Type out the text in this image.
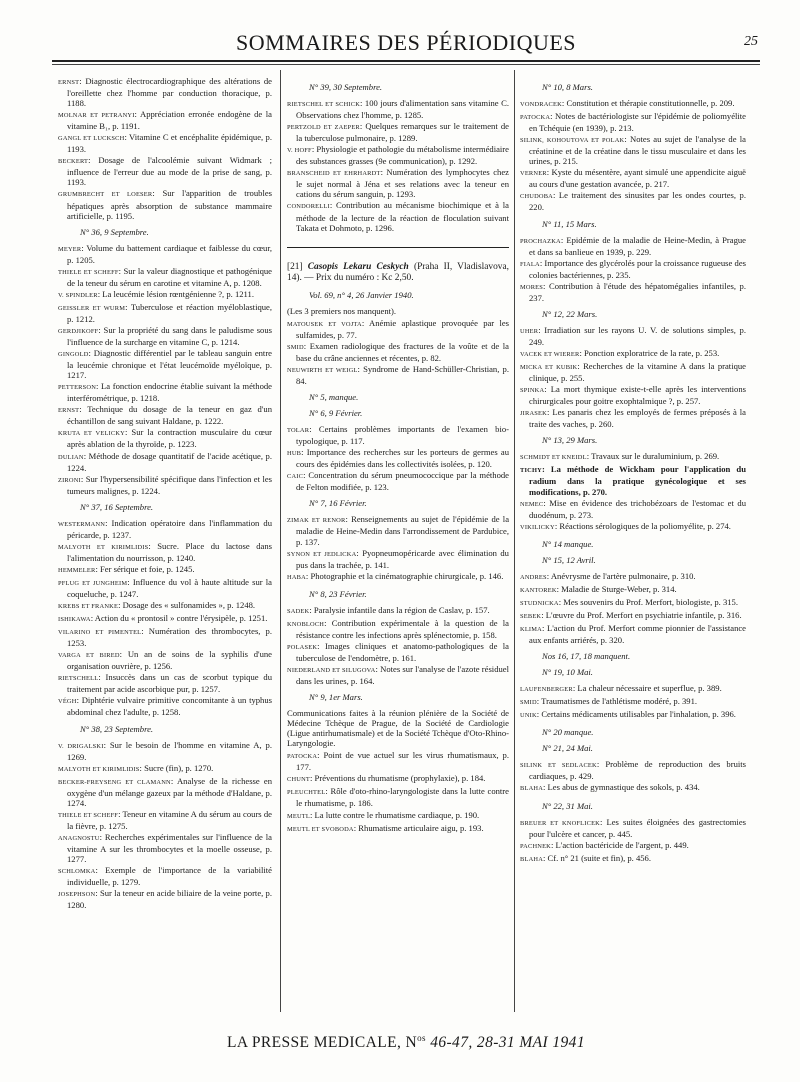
SOMMAIRES DES PÉRIODIQUES	25
ERNST: Diagnostic électrocardiographique des altérations de l'oreillette chez l'homme par conduction thoracique, p. 1188.
MOLNAR ET PETRANYI: Appréciation erronée endogène de la vitamine B₁, p. 1191.
GANGL ET LUCKSCH: Vitamine C et encéphalite épidémique, p. 1193.
BECKERT: Dosage de l'alcoolémie suivant Widmark ; influence de l'erreur due au mode de la prise de sang, p. 1193.
GRUMBRECHT ET LOESER: Sur l'apparition de troubles hépatiques après absorption de substance mammaire artificielle, p. 1195.
N° 36, 9 Septembre.
MEYER: Volume du battement cardiaque et faiblesse du cœur, p. 1205.
THIELE ET SCHEFF: Sur la valeur diagnostique et pathogénique de la teneur du sérum en carotine et vitamine A, p. 1208.
V. SPINDLER: La leucémie lésion rœntgénienne ?, p. 1211.
GEISSLER ET WURM: Tuberculose et réaction myéloblastique, p. 1212.
GERDJIKOFF: Sur la propriété du sang dans le paludisme sous l'influence de la surcharge en vitamine C, p. 1214.
GINGOLD: Diagnostic différentiel par le tableau sanguin entre la leucémie chronique et l'état leucémoïde myéloïque, p. 1217.
PETTERSON: La fonction endocrine établie suivant la méthode interférométrique, p. 1218.
ERNST: Technique du dosage de la teneur en gaz d'un échantillon de sang suivant Haldane, p. 1222.
KRUTA ET VELICKY: Sur la contraction musculaire du cœur après ablation de la thyroïde, p. 1223.
DULIAN: Méthode de dosage quantitatif de l'acide acétique, p. 1224.
ZIRONI: Sur l'hypersensibilité spécifique dans l'infection et les tumeurs malignes, p. 1224.
N° 37, 16 Septembre.
WESTERMANN: Indication opératoire dans l'inflammation du péricarde, p. 1237.
MALYOTH ET KIRIMLIDIS: Sucre. Place du lactose dans l'alimentation du nourrisson, p. 1240.
HEMMELER: Fer sérique et foie, p. 1245.
PFLUG ET JUNGHEIM: Influence du vol à haute altitude sur la coqueluche, p. 1247.
KREBS ET FRANKE: Dosage des « sulfonamides », p. 1248.
ISHIKAWA: Action du « prontosil » contre l'érysipèle, p. 1251.
VILARINO ET PIMENTEL: Numération des thrombocytes, p. 1253.
VARGA ET BIRED: Un an de soins de la syphilis d'une organisation ouvrière, p. 1256.
RIETSCHELL: Insuccès dans un cas de scorbut typique du traitement par acide ascorbique pur, p. 1257.
VÉGH: Diphtérie vulvaire primitive concomitante à un typhus abdominal chez l'adulte, p. 1258.
N° 38, 23 Septembre.
V. DRIGALSKI: Sur le besoin de l'homme en vitamine A, p. 1269.
MALYOTH ET KIRIMLIDIS: Sucre (fin), p. 1270.
BECKER-FREYSENG ET CLAMANN: Analyse de la richesse en oxygène d'un mélange gazeux par la méthode d'Haldane, p. 1274.
THIELE ET SCHEFF: Teneur en vitamine A du sérum au cours de la fièvre, p. 1275.
ANAGNOSTU: Recherches expérimentales sur l'influence de la vitamine A sur les thrombocytes et la moelle osseuse, p. 1277.
SCHLOMKA: Exemple de l'importance de la variabilité individuelle, p. 1279.
JOSEPHSON: Sur la teneur en acide biliaire de la veine porte, p. 1280.
N° 39, 30 Septembre.
RIETSCHEL ET SCHICK: 100 jours d'alimentation sans vitamine C. Observations chez l'homme, p. 1285.
PERTZOLD ET ZAEPER: Quelques remarques sur le traitement de la tuberculose pulmonaire, p. 1289.
V. HOFF: Physiologie et pathologie du métabolisme intermédiaire des substances grasses (9e communication), p. 1292.
BRANSCHEID ET EHRHARDT: Numération des lymphocytes chez le sujet normal à Jéna et ses relations avec la teneur en cations du sérum sanguin, p. 1293.
CONDORELLI: Contribution au mécanisme biochimique et à la méthode de la lecture de la réaction de floculation suivant Takata et Dohmoto, p. 1296.
[21] Casopis Lekaru Ceskych (Praha II, Vladislavova, 14). — Prix du numéro : Kc 2,50.
Vol. 69, n° 4, 26 Janvier 1940.
(Les 3 premiers nos manquent).
MATOUSEK ET VOJTA: Anémie aplastique provoquée par les sulfamides, p. 77.
SMID: Examen radiologique des fractures de la voûte et de la base du crâne anciennes et récentes, p. 82.
NEUWIRTH ET WEIGL: Syndrome de Hand-Schüller-Christian, p. 84.
N° 5, manque.
N° 6, 9 Février.
TOLAR: Certains problèmes importants de l'examen bio-typologique, p. 117.
HUB: Importance des recherches sur les porteurs de germes au cours des épidémies dans les collectivités isolées, p. 120.
CAIC: Concentration du sérum pneumococcique par la méthode de Felton modifiée, p. 123.
N° 7, 16 Février.
ZIMAK ET RENOR: Renseignements au sujet de l'épidémie de la maladie de Heine-Medin dans l'arrondissement de Pardubice, p. 137.
SYNON ET JEDLICKA: Pyopneumopéricarde avec élimination du pus dans la trachée, p. 141.
HABA: Photographie et la cinématographie chirurgicale, p. 146.
N° 8, 23 Février.
SADEK: Paralysie infantile dans la région de Caslav, p. 157.
KNOBLOCH: Contribution expérimentale à la question de la résistance contre les infections après splénectomie, p. 158.
POLASEK: Images cliniques et anatomo-pathologiques de la tuberculose de l'endomètre, p. 161.
NIEDERLAND ET SILUGOVA: Notes sur l'analyse de l'azote résiduel dans les urines, p. 164.
N° 9, 1er Mars.
Communications faites à la réunion plénière de la Société de Médecine Tchèque de Prague, de la Société de Cardiologie (Ligue antirhumatismale) et de la Société Tchèque d'Oto-Rhino-Laryngologie.
PATOCKA: Point de vue actuel sur les virus rhumatismaux, p. 177.
CHUNT: Préventions du rhumatisme (prophylaxie), p. 184.
PLEUCHTEL: Rôle d'oto-rhino-laryngologiste dans la lutte contre le rhumatisme, p. 186.
MEUTL: La lutte contre le rhumatisme cardiaque, p. 190.
MEUTL ET SVOBODA: Rhumatisme articulaire aigu, p. 193.
N° 10, 8 Mars.
VONDRACEK: Constitution et thérapie constitutionnelle, p. 209.
PATOCKA: Notes de bactériologiste sur l'épidémie de poliomyélite en Tchéquie (en 1939), p. 213.
SILINK, KOHOUTOVA ET POLAK: Notes au sujet de l'analyse de la créatinine et de la créatine dans le tissu musculaire et dans les urines, p. 215.
VERNER: Kyste du mésentère, ayant simulé une appendicite aiguë au cours d'une gestation avancée, p. 217.
CHUDOBA: Le traitement des sinusites par les ondes courtes, p. 220.
N° 11, 15 Mars.
PROCHAZKA: Epidémie de la maladie de Heine-Medin, à Prague et dans sa banlieue en 1939, p. 229.
FIALA: Importance des glycérolés pour la croissance rugueuse des colonies bactériennes, p. 235.
MORES: Contribution à l'étude des hépatomégalies infantiles, p. 237.
N° 12, 22 Mars.
UHER: Irradiation sur les rayons U. V. de solutions simples, p. 249.
VACEK ET WIERER: Ponction exploratrice de la rate, p. 253.
MICKA ET KUBIK: Recherches de la vitamine A dans la pratique clinique, p. 255.
SPINKA: La mort thymique existe-t-elle après les interventions chirurgicales pour goitre exophtalmique ?, p. 257.
JIRASEK: Les panaris chez les employés de fermes préposés à la traite des vaches, p. 260.
N° 13, 29 Mars.
SCHMIDT ET KNEIDL: Travaux sur le duraluminium, p. 269.
TICHY: La méthode de Wickham pour l'application du radium dans la pratique gynécologique et ses modifications, p. 270.
NEMEC: Mise en évidence des trichobézoars de l'estomac et du duodénum, p. 273.
VIKILICKY: Réactions sérologiques de la poliomyélite, p. 274.
N° 14 manque.
N° 15, 12 Avril.
ANDRES: Anévrysme de l'artère pulmonaire, p. 310.
KANTOREK: Maladie de Sturge-Weber, p. 314.
STUDNICKA: Mes souvenirs du Prof. Merfort, biologiste, p. 315.
SEBEK: L'œuvre du Prof. Merfort en psychiatrie infantile, p. 316.
KLIMA: L'action du Prof. Merfort comme pionnier de l'assistance aux enfants arriérés, p. 320.
Nos 16, 17, 18 manquent.
N° 19, 10 Mai.
LAUFENBERGER: La chaleur nécessaire et superflue, p. 389.
SMID: Traumatismes de l'athlétisme modéré, p. 391.
UNIK: Certains médicaments utilisables par l'inhalation, p. 396.
N° 20 manque.
N° 21, 24 Mai.
SILINK ET SEDLACEK: Problème de reproduction des bruits cardiaques, p. 429.
BLAHA: Les abus de gymnastique des sokols, p. 434.
N° 22, 31 Mai.
BREUER ET KNOFLICEK: Les suites éloignées des gastrectomies pour l'ulcère et cancer, p. 445.
PACHNEK: L'action bactéricide de l'argent, p. 449.
BLAHA: Cf. n° 21 (suite et fin), p. 456.
LA PRESSE MEDICALE, $N^{os}$ 46-47, 28-31 MAI 1941
